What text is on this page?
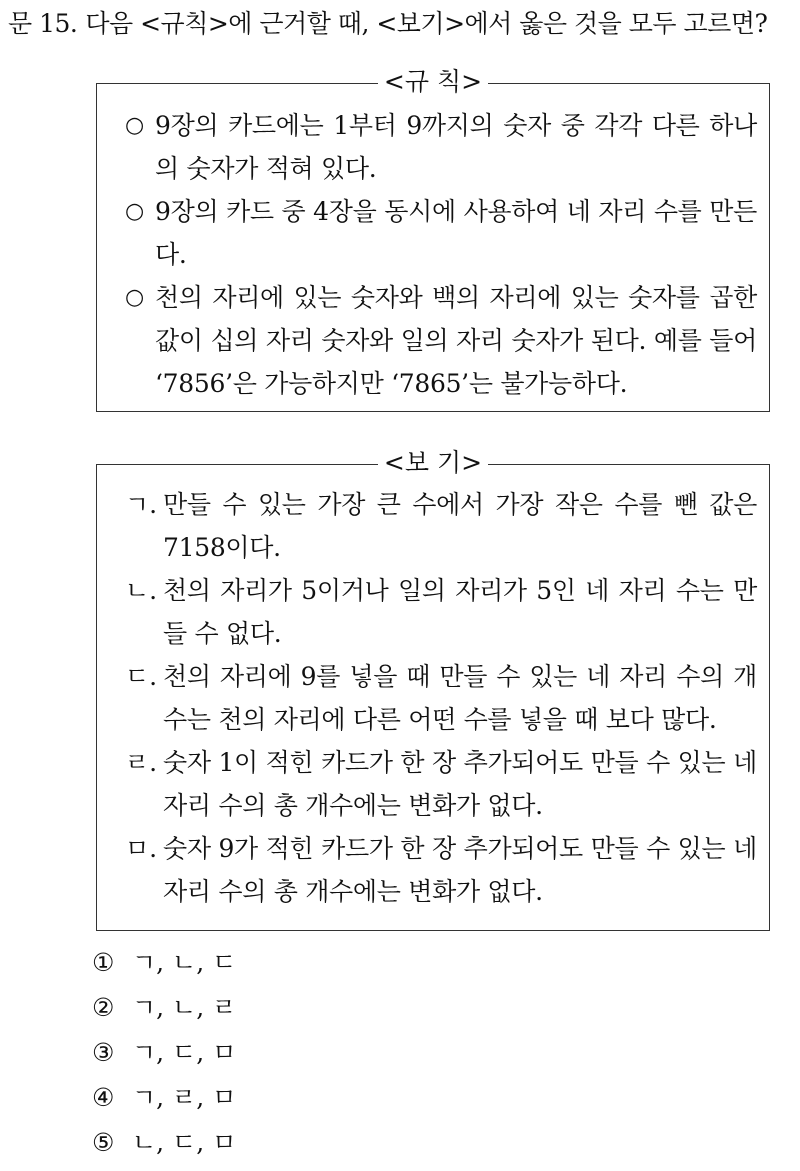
문 15. 다음 <규칙>에 근거할 때, <보기>에서 옳은 것을 모두 고르면?
<규 칙>
○ 9장의 카드에는 1부터 9까지의 숫자 중 각각 다른 하나의 숫자가 적혀 있다.
○ 9장의 카드 중 4장을 동시에 사용하여 네 자리 수를 만든다.
○ 천의 자리에 있는 숫자와 백의 자리에 있는 숫자를 곱한 값이 십의 자리 숫자와 일의 자리 숫자가 된다. 예를 들어 ‘7856’은 가능하지만 ‘7865’는 불가능하다.
<보 기>
ㄱ. 만들 수 있는 가장 큰 수에서 가장 작은 수를 뺀 값은 7158이다.
ㄴ. 천의 자리가 5이거나 일의 자리가 5인 네 자리 수는 만들 수 없다.
ㄷ. 천의 자리에 9를 넣을 때 만들 수 있는 네 자리 수의 개수는 천의 자리에 다른 어떤 수를 넣을 때 보다 많다.
ㄹ. 숫자 1이 적힌 카드가 한 장 추가되어도 만들 수 있는 네 자리 수의 총 개수에는 변화가 없다.
ㅁ. 숫자 9가 적힌 카드가 한 장 추가되어도 만들 수 있는 네 자리 수의 총 개수에는 변화가 없다.
① ㄱ, ㄴ, ㄷ
② ㄱ, ㄴ, ㄹ
③ ㄱ, ㄷ, ㅁ
④ ㄱ, ㄹ, ㅁ
⑤ ㄴ, ㄷ, ㅁ
